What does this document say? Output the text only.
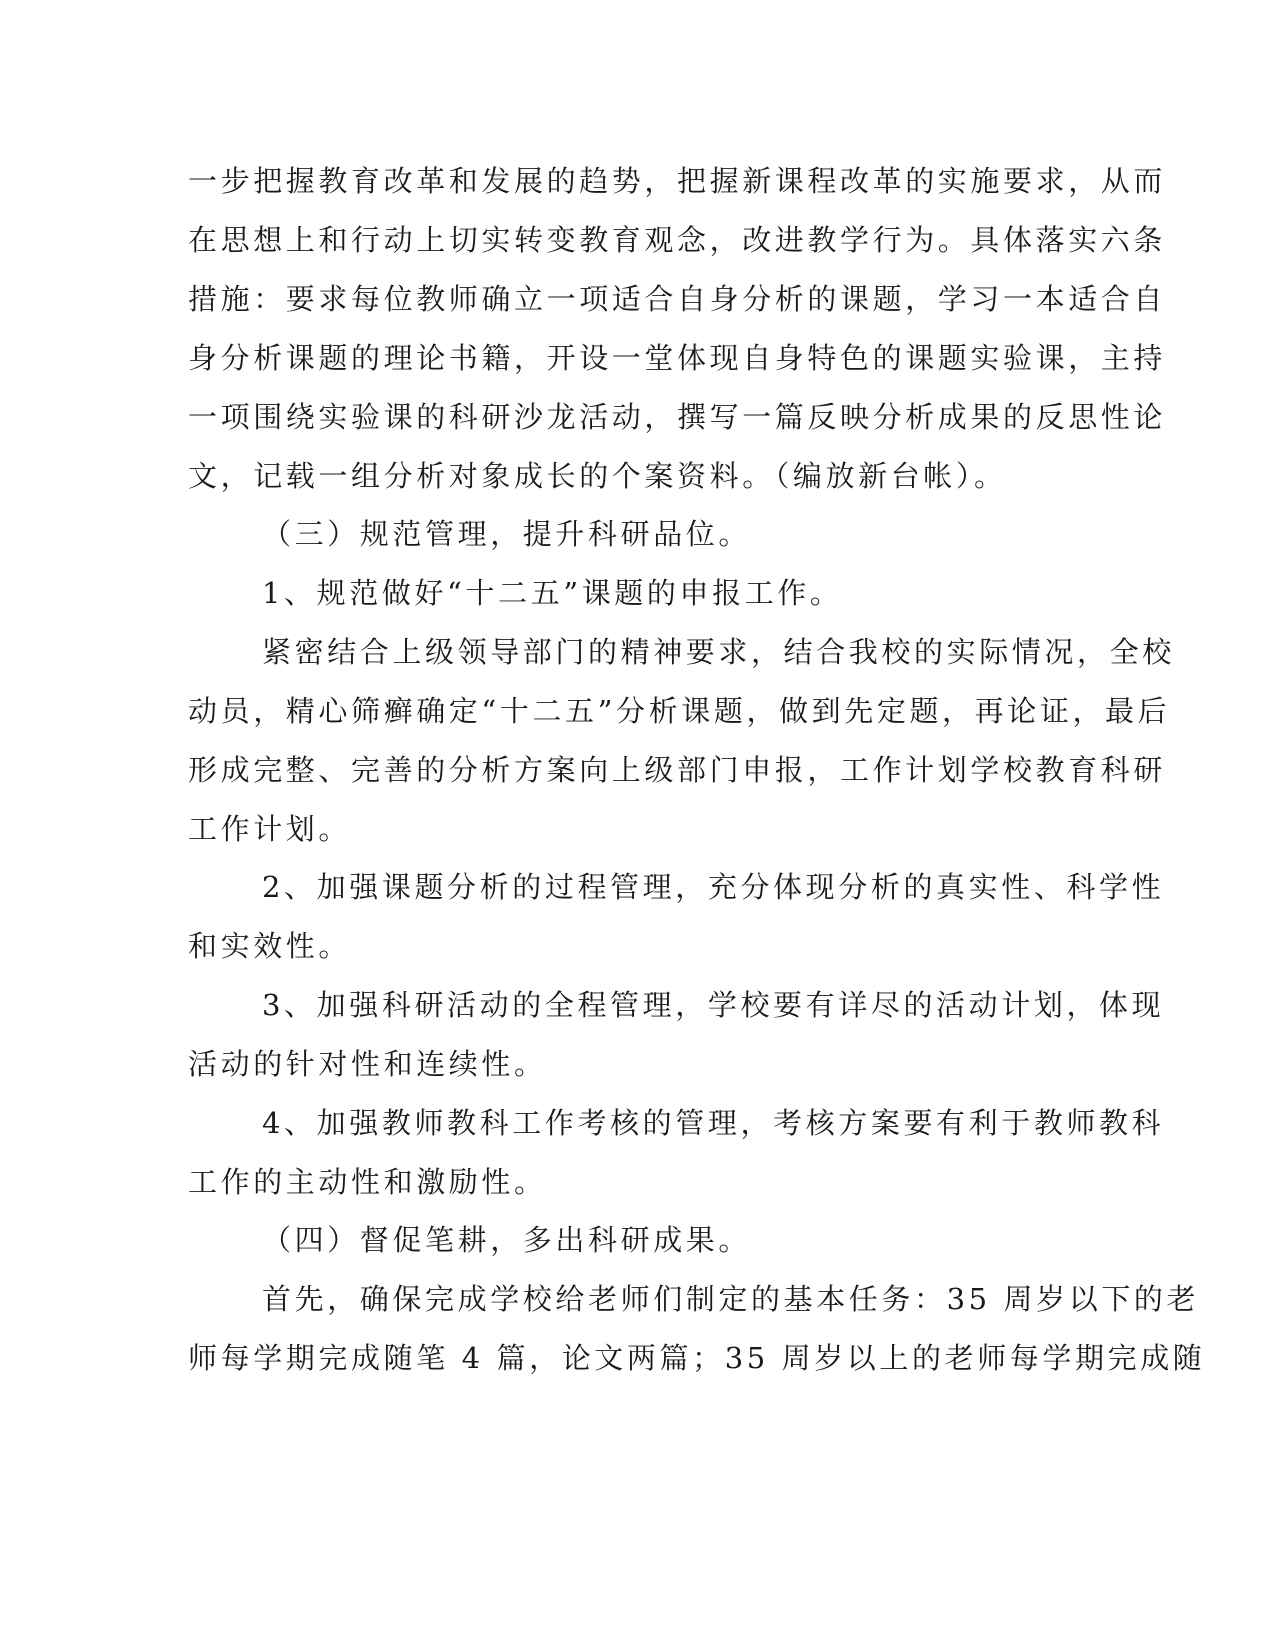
一步把握教育改革和发展的趋势，把握新课程改革的实施要求，从而
在思想上和行动上切实转变教育观念，改进教学行为。具体落实六条
措施：要求每位教师确立一项适合自身分析的课题，学习一本适合自
身分析课题的理论书籍，开设一堂体现自身特色的课题实验课，主持
一项围绕实验课的科研沙龙活动，撰写一篇反映分析成果的反思性论
文，记载一组分析对象成长的个案资料。（编放新台帐）。
（三）规范管理，提升科研品位。
1、规范做好“十二五”课题的申报工作。
紧密结合上级领导部门的精神要求，结合我校的实际情况，全校
动员，精心筛癣确定“十二五”分析课题，做到先定题，再论证，最后
形成完整、完善的分析方案向上级部门申报，工作计划学校教育科研
工作计划。
2、加强课题分析的过程管理，充分体现分析的真实性、科学性
和实效性。
3、加强科研活动的全程管理，学校要有详尽的活动计划，体现
活动的针对性和连续性。
4、加强教师教科工作考核的管理，考核方案要有利于教师教科
工作的主动性和激励性。
（四）督促笔耕，多出科研成果。
首先，确保完成学校给老师们制定的基本任务：35 周岁以下的老
师每学期完成随笔 4 篇，论文两篇；35 周岁以上的老师每学期完成随
